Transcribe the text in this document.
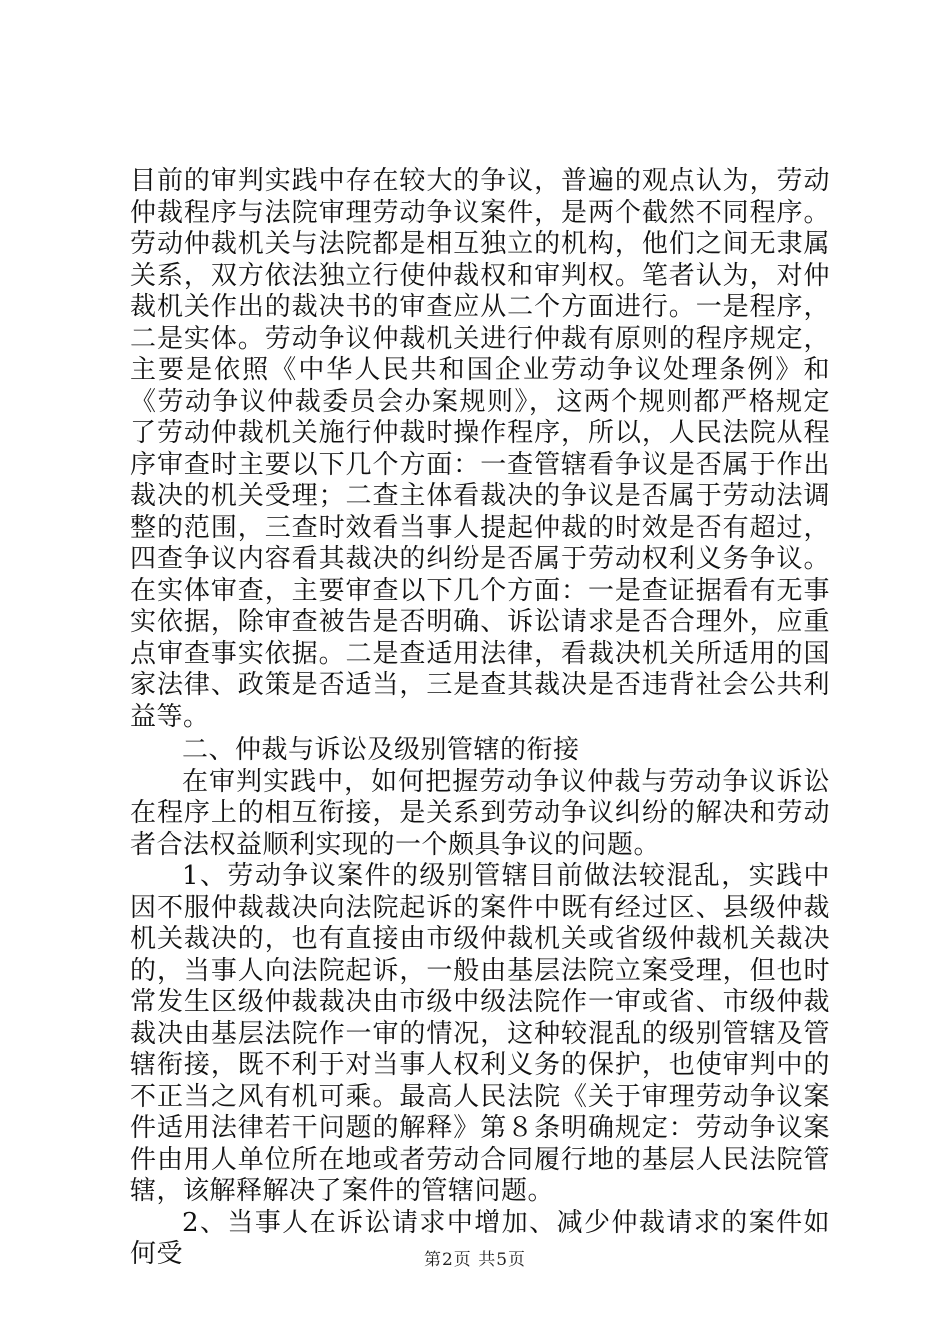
目前的审判实践中存在较大的争议，普遍的观点认为，劳动仲裁程序与法院审理劳动争议案件，是两个截然不同程序。劳动仲裁机关与法院都是相互独立的机构，他们之间无隶属关系，双方依法独立行使仲裁权和审判权。笔者认为，对仲裁机关作出的裁决书的审查应从二个方面进行。一是程序，二是实体。劳动争议仲裁机关进行仲裁有原则的程序规定，主要是依照《中华人民共和国企业劳动争议处理条例》和《劳动争议仲裁委员会办案规则》，这两个规则都严格规定了劳动仲裁机关施行仲裁时操作程序，所以，人民法院从程序审查时主要以下几个方面：一查管辖看争议是否属于作出裁决的机关受理；二查主体看裁决的争议是否属于劳动法调整的范围，三查时效看当事人提起仲裁的时效是否有超过，四查争议内容看其裁决的纠纷是否属于劳动权利义务争议。在实体审查，主要审查以下几个方面：一是查证据看有无事实依据，除审查被告是否明确、诉讼请求是否合理外，应重点审查事实依据。二是查适用法律，看裁决机关所适用的国家法律、政策是否适当，三是查其裁决是否违背社会公共利益等。

二、仲裁与诉讼及级别管辖的衔接

在审判实践中，如何把握劳动争议仲裁与劳动争议诉讼在程序上的相互衔接，是关系到劳动争议纠纷的解决和劳动者合法权益顺利实现的一个颇具争议的问题。

1、劳动争议案件的级别管辖目前做法较混乱，实践中因不服仲裁裁决向法院起诉的案件中既有经过区、县级仲裁机关裁决的，也有直接由市级仲裁机关或省级仲裁机关裁决的，当事人向法院起诉，一般由基层法院立案受理，但也时常发生区级仲裁裁决由市级中级法院作一审或省、市级仲裁裁决由基层法院作一审的情况，这种较混乱的级别管辖及管辖衔接，既不利于对当事人权利义务的保护，也使审判中的不正当之风有机可乘。最高人民法院《关于审理劳动争议案件适用法律若干问题的解释》第８条明确规定：劳动争议案件由用人单位所在地或者劳动合同履行地的基层人民法院管辖，该解释解决了案件的管辖问题。

2、当事人在诉讼请求中增加、减少仲裁请求的案件如何受	第2页 共5页
